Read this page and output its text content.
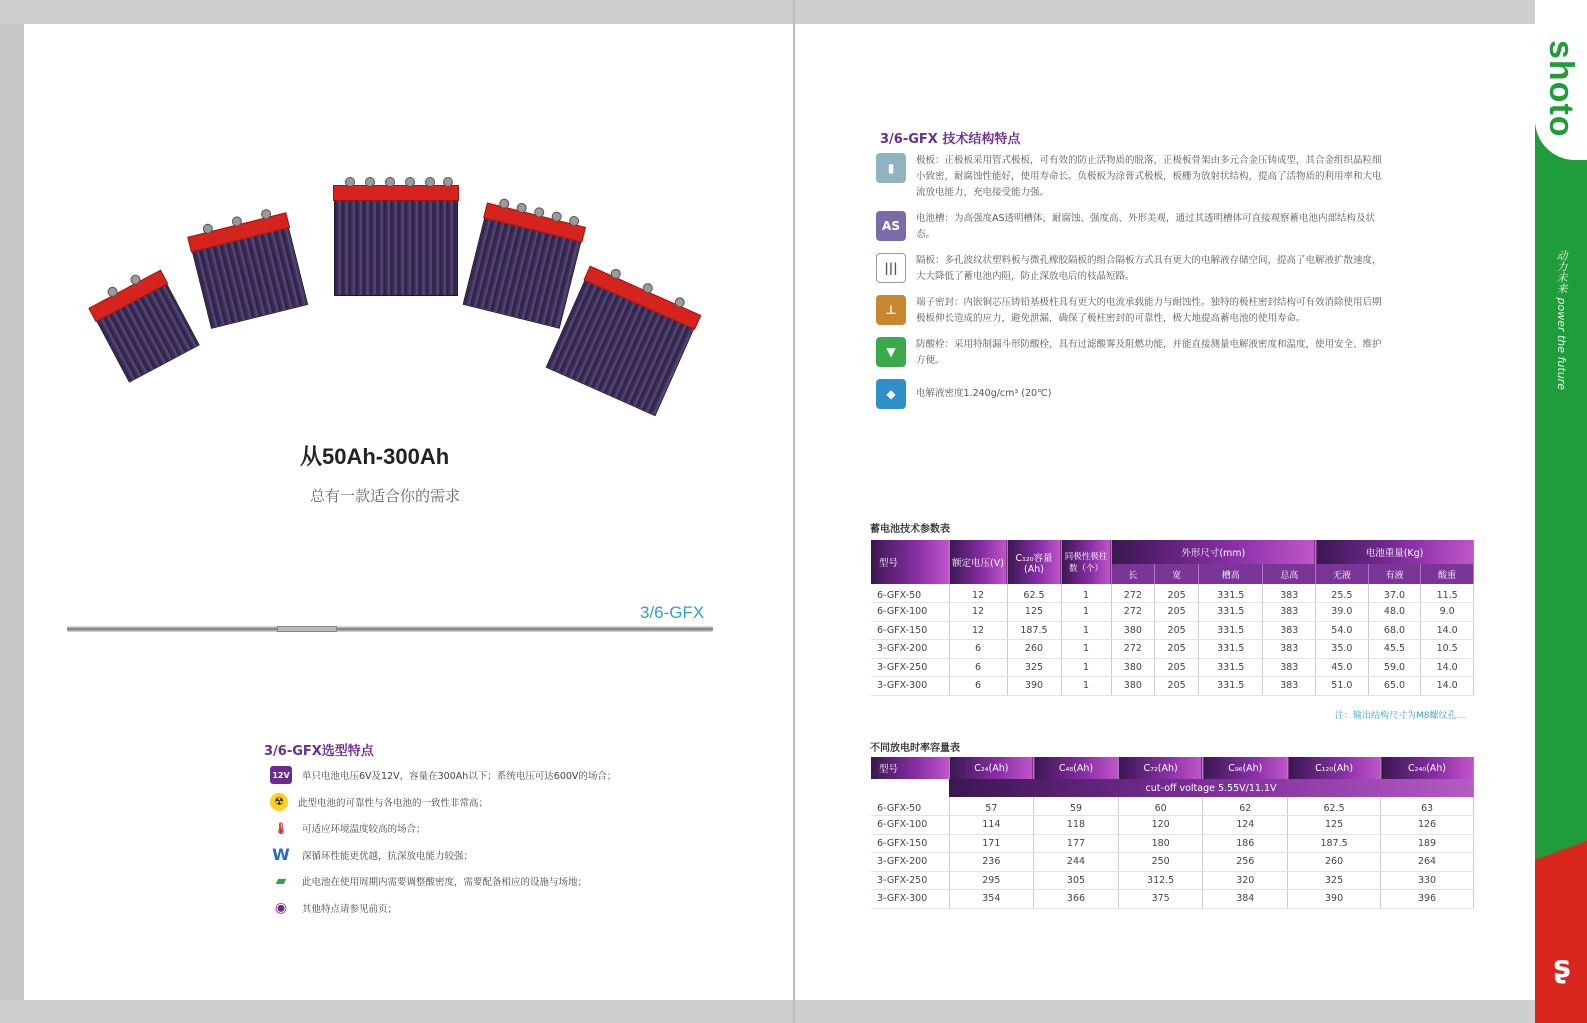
从50Ah-300Ah
总有一款适合你的需求
3/6-GFX
3/6-GFX选型特点
12V 单只电池电压6V及12V，容量在300Ah以下；系统电压可达600V的场合；
☢	此型电池的可靠性与各电池的一致性非常高；
🌡	可适应环境温度较高的场合；
W 深循环性能更优越，抗深放电能力较强；
▰	此电池在使用周期内需要调整酸密度，需要配备相应的设施与场地；
◉	其他特点请参见前页；
3/6-GFX 技术结构特点
▮
极板：正极板采用管式极板，可有效的防止活物质的脱落，正极板骨架由多元合金压铸成型，其合金组织晶粒细小致密，耐腐蚀性能好，使用寿命长。负极板为涂膏式极板，板栅为放射状结构，提高了活物质的利用率和大电流放电能力，充电接受能力强。
AS
电池槽：为高强度AS透明槽体，耐腐蚀、强度高、外形美观，通过其透明槽体可直接观察蓄电池内部结构及状态。
|||
隔板：多孔波纹状塑料板与微孔橡胶隔板的组合隔板方式具有更大的电解液存储空间，提高了电解液扩散速度，大大降低了蓄电池内阻，防止深放电后的枝晶短路。
⊥
端子密封：内嵌铜芯压铸铅基极柱具有更大的电流承载能力与耐蚀性。独特的极柱密封结构可有效消除使用后期极板伸长造成的应力，避免泄漏，确保了极柱密封的可靠性，极大地提高蓄电池的使用寿命。
▼
防酸栓：采用特制漏斗形防酸栓，具有过滤酸雾及阻燃功能，并能直接测量电解液密度和温度，使用安全、维护方便。
◆	电解液密度1.240g/cm³ (20℃)
蓄电池技术参数表
型号	额定电压(V)	C₁₂₀容量(Ah)	同极性极柱数（个）	外形尺寸(mm)				电池重量(Kg)		
				长	宽	槽高	总高	无液	有液	酸重
6-GFX-50	12	62.5	1	272	205	331.5	383	25.5	37.0	11.5
6-GFX-100	12	125	1	272	205	331.5	383	39.0	48.0	9.0
6-GFX-150	12	187.5	1	380	205	331.5	383	54.0	68.0	14.0
3-GFX-200	6	260	1	272	205	331.5	383	35.0	45.5	10.5
3-GFX-250	6	325	1	380	205	331.5	383	45.0	59.0	14.0
3-GFX-300	6	390	1	380	205	331.5	383	51.0	65.0	14.0
注：输出结构尺寸为M8螺纹孔…
不同放电时率容量表
型号	C₂₄(Ah)	C₄₈(Ah)	C₇₂(Ah)	C₉₆(Ah)	C₁₂₀(Ah)	C₂₄₀(Ah)
	cut-off voltage 5.55V/11.1V					
6-GFX-50	57	59	60	62	62.5	63
6-GFX-100	114	118	120	124	125	126
6-GFX-150	171	177	180	186	187.5	189
3-GFX-200	236	244	250	256	260	264
3-GFX-250	295	305	312.5	320	325	330
3-GFX-300	354	366	375	384	390	396
shoto
动力未来 power the future
ʂ
